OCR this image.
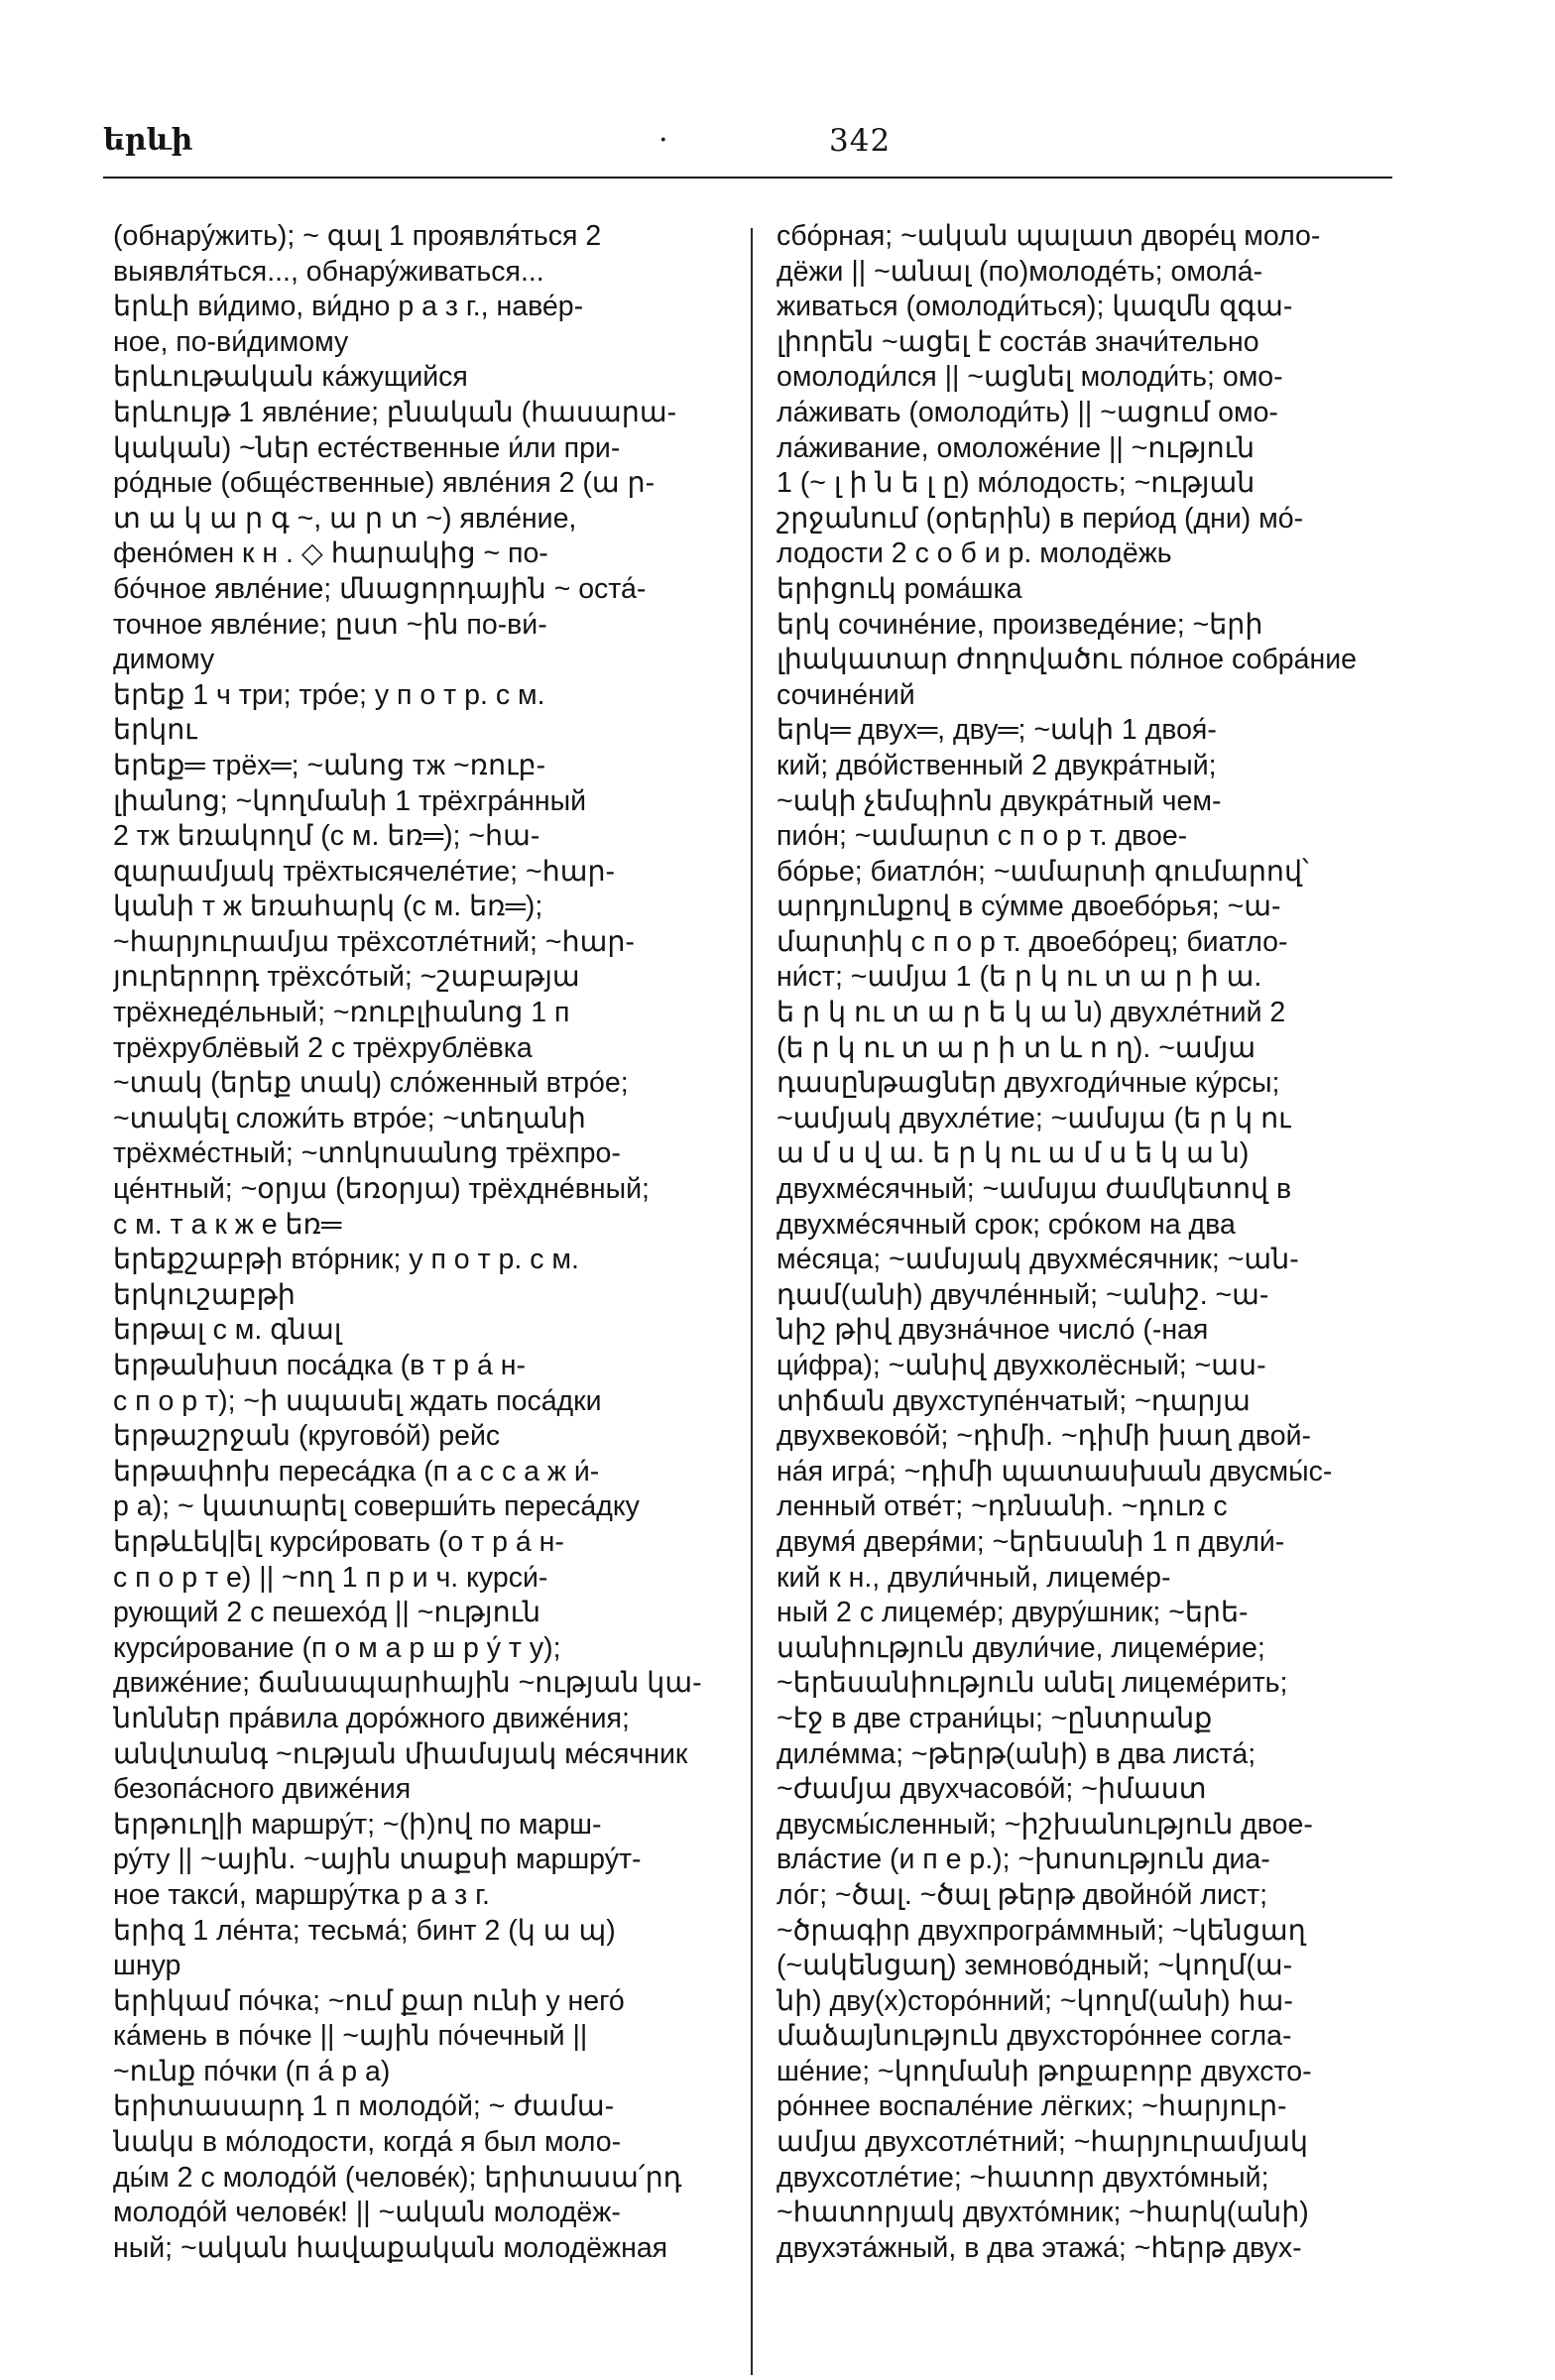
երևի	·	342
(обнару́жить); ~ գալ 1 проявля́ться 2
выявля́ться..., обнару́живаться...
երևի ви́димо, ви́дно р а з г., наве́р-
ное, по-ви́димому
երևութական ка́жущийся
երևույթ 1 явле́ние; բնական (հասարա-
կական) ~ներ есте́ственные и́ли при-
ро́дные (обще́ственные) явле́ния 2 (ա ր-
տ ա կ ա ր գ ~, ա ր տ ~) явле́ние,
фено́мен к н . ◇ հարակից ~ по-
бо́чное явле́ние; մնացորդային ~ оста́-
точное явле́ние; ըստ ~ին по-ви́-
димому
երեք 1 ч три; тро́е; у п о т р. с м.
երկու
երեք═ трёх═; ~անոց тж ~ռուբ-
լիանոց; ~կողմանի 1 трёхгра́нный
2 тж եռակողմ (с м. եռ═); ~հա-
զարամյակ трёхтысячеле́тие; ~հար-
կանի т ж եռահարկ (с м. եռ═);
~հարյուրամյա трёхсотле́тний; ~հար-
յուրերորդ трёхсо́тый; ~շաբաթյա
трёхнеде́льный; ~ռուբլիանոց 1 п
трёхрублёвый 2 с трёхрублёвка
~տակ (երեք տակ) сло́женный втро́е;
~տակել сложи́ть втро́е; ~տեղանի
трёхме́стный; ~տոկոսանոց трёхпро-
це́нтный; ~օրյա (եռօրյա) трёхдне́вный;
с м. т а к ж е եռ═
երեքշաբթի вто́рник; у п о т р. с м.
երկուշաբթի
երթալ с м. գնալ
երթանիստ поса́дка (в т р а́ н-
с п о р т); ~ի սպասել ждать поса́дки
երթաշրջան (кругово́й) рейс
երթափոխ переса́дка (п а с с а ж и́-
р а); ~ կատարել соверши́ть переса́дку
երթևեկ|ել курси́ровать (о т р а́ н-
с п о р т е) || ~ող 1 п р и ч. курси́-
рующий 2 с пешехо́д || ~ություն
курси́рование (п о м а р ш р у́ т у);
движе́ние; ճանապարհային ~ության կա-
նոններ пра́вила доро́жного движе́ния;
անվտանգ ~ության միամսյակ ме́сячник
безопа́сного движе́ния
երթուղ|ի маршру́т; ~(ի)ով по марш-
ру́ту || ~ային. ~ային տաքսի маршру́т-
ное такси́, маршру́тка р а з г.
երիզ 1 ле́нта; тесьма́; бинт 2 (կ ա պ)
шнур
երիկամ по́чка; ~ում քար ունի у него́
ка́мень в по́чке || ~ային по́чечный ||
~ունք по́чки (п а́ р а)
երիտասարդ 1 п молодо́й; ~ ժամա-
նակս в мо́лодости, когда́ я был моло-
ды́м 2 с молодо́й (челове́к); երիտասա՛րդ
молодо́й челове́к! || ~ական молодёж-
ный; ~ական հավաքական молодёжная
сбо́рная; ~ական պալատ дворе́ц моло-
дёжи || ~անալ (по)молоде́ть; омола́-
живаться (омолоди́ться); կազմն զգա-
լիորեն ~ացել է соста́в значи́тельно
омолоди́лся || ~ացնել молоди́ть; омо-
ла́живать (омолоди́ть) || ~ացում омо-
ла́живание, омоложе́ние || ~ություն
1 (~ լ ի ն ե լ ը) мо́лодость; ~ության
շրջանում (օրերին) в пери́од (дни) мо́-
лодости 2 с о б и р. молодёжь
երիցուկ рома́шка
երկ сочине́ние, произведе́ние; ~երի
լիակատար ժողովածու по́лное собра́ние
сочине́ний
երկ═ двух═, дву═; ~ակի 1 двоя́-
кий; дво́йственный 2 двукра́тный;
~ակի չեմպիոն двукра́тный чем-
пио́н; ~ամարտ с п о р т. двое-
бо́рье; биатло́н; ~ամարտի գումարով՝
արդյունքով в су́мме двоебо́рья; ~ա-
մարտիկ с п о р т. двоебо́рец; биатло-
ни́ст; ~ամյա 1 (ե ր կ ու տ ա ր ի ա.
ե ր կ ու տ ա ր ե կ ա ն) двухле́тний 2
(ե ր կ ու տ ա ր ի տ և ո ղ). ~ամյա
դասընթացներ двухгоди́чные ку́рсы;
~ամյակ двухле́тие; ~ամսյա (ե ր կ ու
ա մ ս վ ա. ե ր կ ու ա մ ս ե կ ա ն)
двухме́сячный; ~ամսյա ժամկետով в
двухме́сячный срок; сро́ком на два
ме́сяца; ~ամսյակ двухме́сячник; ~ան-
դամ(անի) двучле́нный; ~անիշ. ~ա-
նիշ թիվ двузна́чное число́ (-ная
ци́фра); ~անիվ двухколёсный; ~աս-
տիճան двухступе́нчатый; ~դարյա
двухвеково́й; ~դիմի. ~դիմի խաղ двой-
на́я игра́; ~դիմի պատասխան двусмы́с-
ленный отве́т; ~դռնանի. ~դուռ с
двумя́ дверя́ми; ~երեսանի 1 п двули́-
кий к н., двули́чный, лицеме́р-
ный 2 с лицеме́р; двуру́шник; ~երե-
սանիություն двули́чие, лицеме́рие;
~երեսանիություն անել лицеме́рить;
~էջ в две страни́цы; ~ընտրանք
диле́мма; ~թերթ(անի) в два листа́;
~ժամյա двухчасово́й; ~իմաստ
двусмы́сленный; ~իշխանություն двое-
вла́стие (и п е р.); ~խոսություն диа-
ло́г; ~ծալ. ~ծալ թերթ двойно́й лист;
~ծրագիր двухпрогра́ммный; ~կենցաղ
(~ակենցաղ) земново́дный; ~կողմ(ա-
նի) дву(х)сторо́нний; ~կողմ(անի) հա-
մաձայնություն двухсторо́ннее согла-
ше́ние; ~կողմանի թոքաբորբ двухсто-
ро́ннее воспале́ние лёгких; ~հարյուր-
ամյա двухсотле́тний; ~հարյուրամյակ
двухсотле́тие; ~հատոր двухто́мный;
~հատորյակ двухто́мник; ~հարկ(անի)
двухэта́жный, в два этажа́; ~հերթ двух-
